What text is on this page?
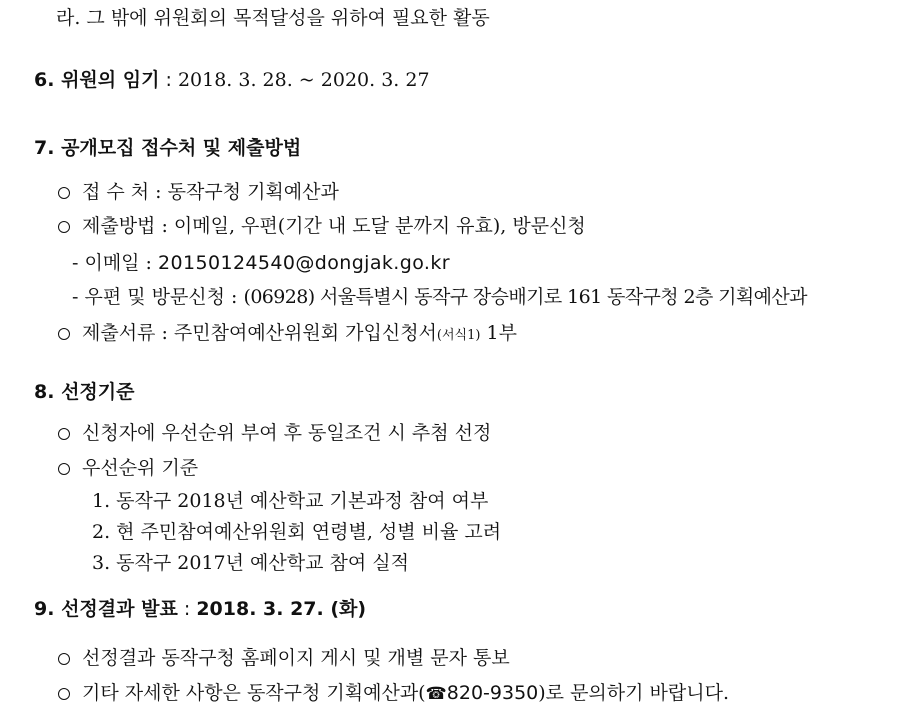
라. 그 밖에 위원회의 목적달성을 위하여 필요한 활동
6. 위원의 임기 : 2018. 3. 28. ~ 2020. 3. 27
7. 공개모집 접수처 및 제출방법
접 수 처 : 동작구청 기획예산과
제출방법 : 이메일, 우편(기간 내 도달 분까지 유효), 방문신청
- 이메일 : 20150124540@dongjak.go.kr
- 우편 및 방문신청 : (06928) 서울특별시 동작구 장승배기로 161 동작구청 2층 기획예산과
제출서류 : 주민참여예산위원회 가입신청서(서식1) 1부
8. 선정기준
신청자에 우선순위 부여 후 동일조건 시 추첨 선정
우선순위 기준
1. 동작구 2018년 예산학교 기본과정 참여 여부
2. 현 주민참여예산위원회 연령별, 성별 비율 고려
3. 동작구 2017년 예산학교 참여 실적
9. 선정결과 발표 : 2018. 3. 27. (화)
선정결과 동작구청 홈페이지 게시 및 개별 문자 통보
기타 자세한 사항은 동작구청 기획예산과(☎820-9350)로 문의하기 바랍니다.
